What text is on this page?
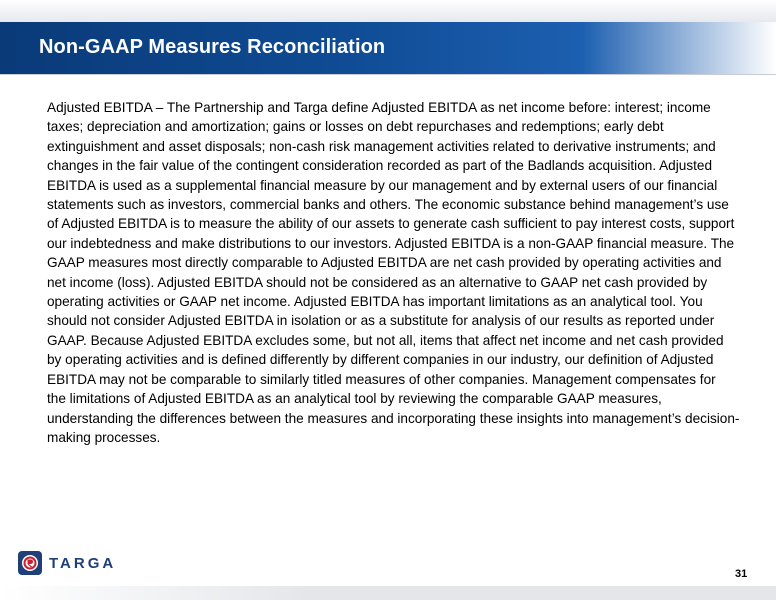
Non-GAAP Measures Reconciliation
Adjusted EBITDA – The Partnership and Targa define Adjusted EBITDA as net income before: interest; income
taxes; depreciation and amortization; gains or losses on debt repurchases and redemptions; early debt
extinguishment and asset disposals; non-cash risk management activities related to derivative instruments; and
changes in the fair value of the contingent consideration recorded as part of the Badlands acquisition. Adjusted
EBITDA is used as a supplemental financial measure by our management and by external users of our financial
statements such as investors, commercial banks and others. The economic substance behind management’s use
of Adjusted EBITDA is to measure the ability of our assets to generate cash sufficient to pay interest costs, support
our indebtedness and make distributions to our investors. Adjusted EBITDA is a non-GAAP financial measure. The
GAAP measures most directly comparable to Adjusted EBITDA are net cash provided by operating activities and
net income (loss). Adjusted EBITDA should not be considered as an alternative to GAAP net cash provided by
operating activities or GAAP net income. Adjusted EBITDA has important limitations as an analytical tool. You
should not consider Adjusted EBITDA in isolation or as a substitute for analysis of our results as reported under
GAAP. Because Adjusted EBITDA excludes some, but not all, items that affect net income and net cash provided
by operating activities and is defined differently by different companies in our industry, our definition of Adjusted
EBITDA may not be comparable to similarly titled measures of other companies. Management compensates for
the limitations of Adjusted EBITDA as an analytical tool by reviewing the comparable GAAP measures,
understanding the differences between the measures and incorporating these insights into management’s decision-
making processes.
TARGA
31
